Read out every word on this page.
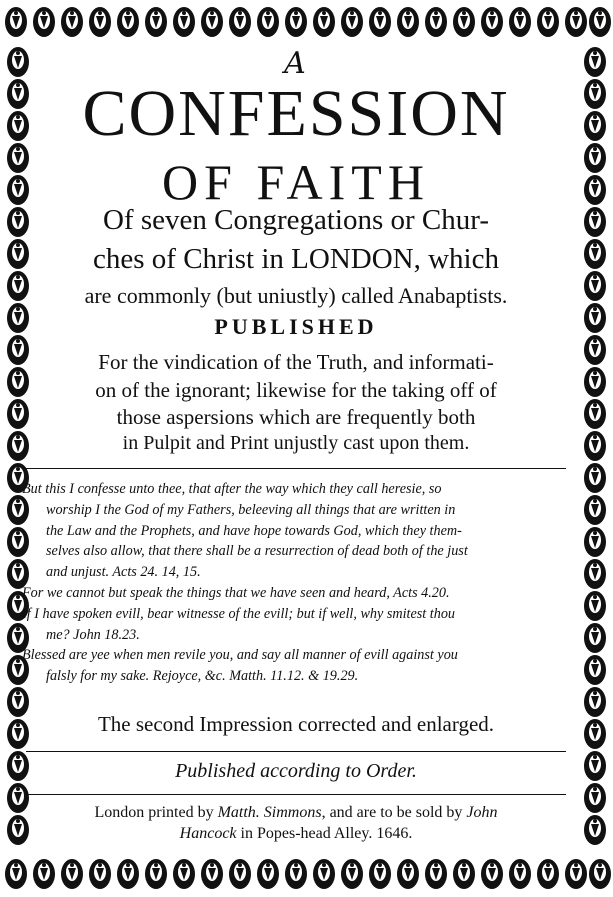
A
CONFESSION
OF FAITH
Of seven Congregations or Chur-
ches of Christ in LONDON, which
are commonly (but uniustly) called Anabaptists.
PUBLISHED
For the vindication of the Truth, and informati-
on of the ignorant; likewise for the taking off of
those aspersions which are frequently both
in Pulpit and Print unjustly cast upon them.

But this I confesse unto thee, that after the way which they call heresie, so

worship I the God of my Fathers, beleeving all things that are written in

the Law and the Prophets, and have hope towards God, which they them-

selves also allow, that there shall be a resurrection of dead both of the just

and unjust. Acts 24. 14, 15.

For we cannot but speak the things that we have seen and heard, Acts 4.20.

If I have spoken evill, bear witnesse of the evill; but if well, why smitest thou

me? John 18.23.

Blessed are yee when men revile you, and say all manner of evill against you

falsly for my sake. Rejoyce, &c. Matth. 11.12. & 19.29.

The second Impression corrected and enlarged.
Published according to Order.
London printed by Matth. Simmons, and are to be sold by John
Hancock in Popes-head Alley. 1646.
